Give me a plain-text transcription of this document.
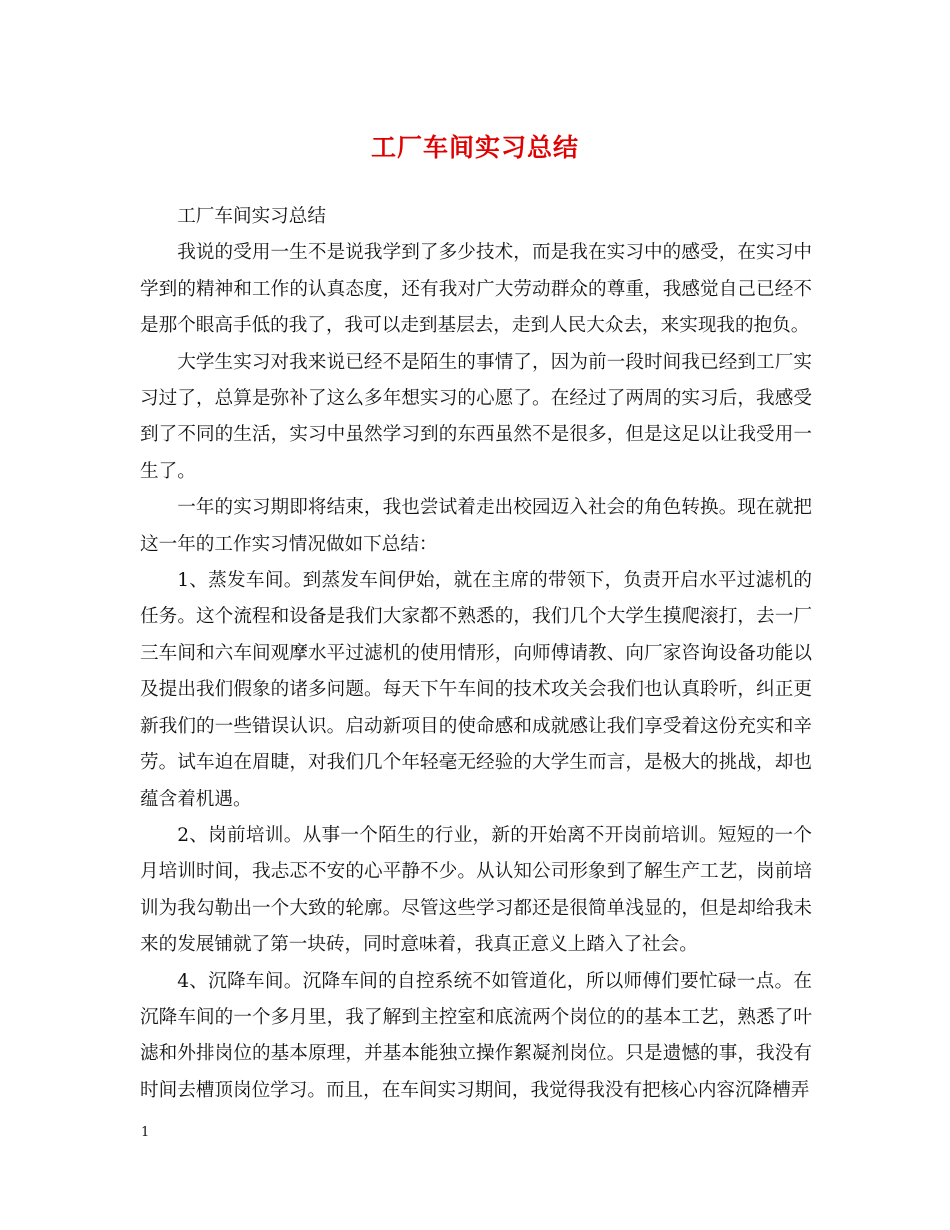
工厂车间实习总结

工厂车间实习总结

我说的受用一生不是说我学到了多少技术，而是我在实习中的感受，在实习中学到的精神和工作的认真态度，还有我对广大劳动群众的尊重，我感觉自己已经不是那个眼高手低的我了，我可以走到基层去，走到人民大众去，来实现我的抱负。

大学生实习对我来说已经不是陌生的事情了，因为前一段时间我已经到工厂实习过了，总算是弥补了这么多年想实习的心愿了。在经过了两周的实习后，我感受到了不同的生活，实习中虽然学习到的东西虽然不是很多，但是这足以让我受用一生了。

一年的实习期即将结束，我也尝试着走出校园迈入社会的角色转换。现在就把这一年的工作实习情况做如下总结：

1、蒸发车间。到蒸发车间伊始，就在主席的带领下，负责开启水平过滤机的任务。这个流程和设备是我们大家都不熟悉的，我们几个大学生摸爬滚打，去一厂三车间和六车间观摩水平过滤机的使用情形，向师傅请教、向厂家咨询设备功能以及提出我们假象的诸多问题。每天下午车间的技术攻关会我们也认真聆听，纠正更新我们的一些错误认识。启动新项目的使命感和成就感让我们享受着这份充实和辛劳。试车迫在眉睫，对我们几个年轻毫无经验的大学生而言，是极大的挑战，却也蕴含着机遇。

2、岗前培训。从事一个陌生的行业，新的开始离不开岗前培训。短短的一个月培训时间，我忐忑不安的心平静不少。从认知公司形象到了解生产工艺，岗前培训为我勾勒出一个大致的轮廓。尽管这些学习都还是很简单浅显的，但是却给我未来的发展铺就了第一块砖，同时意味着，我真正意义上踏入了社会。

4、沉降车间。沉降车间的自控系统不如管道化，所以师傅们要忙碌一点。在沉降车间的一个多月里，我了解到主控室和底流两个岗位的的基本工艺，熟悉了叶滤和外排岗位的基本原理，并基本能独立操作絮凝剂岗位。只是遗憾的事，我没有时间去槽顶岗位学习。而且，在车间实习期间，我觉得我没有把核心内容沉降槽弄

1
